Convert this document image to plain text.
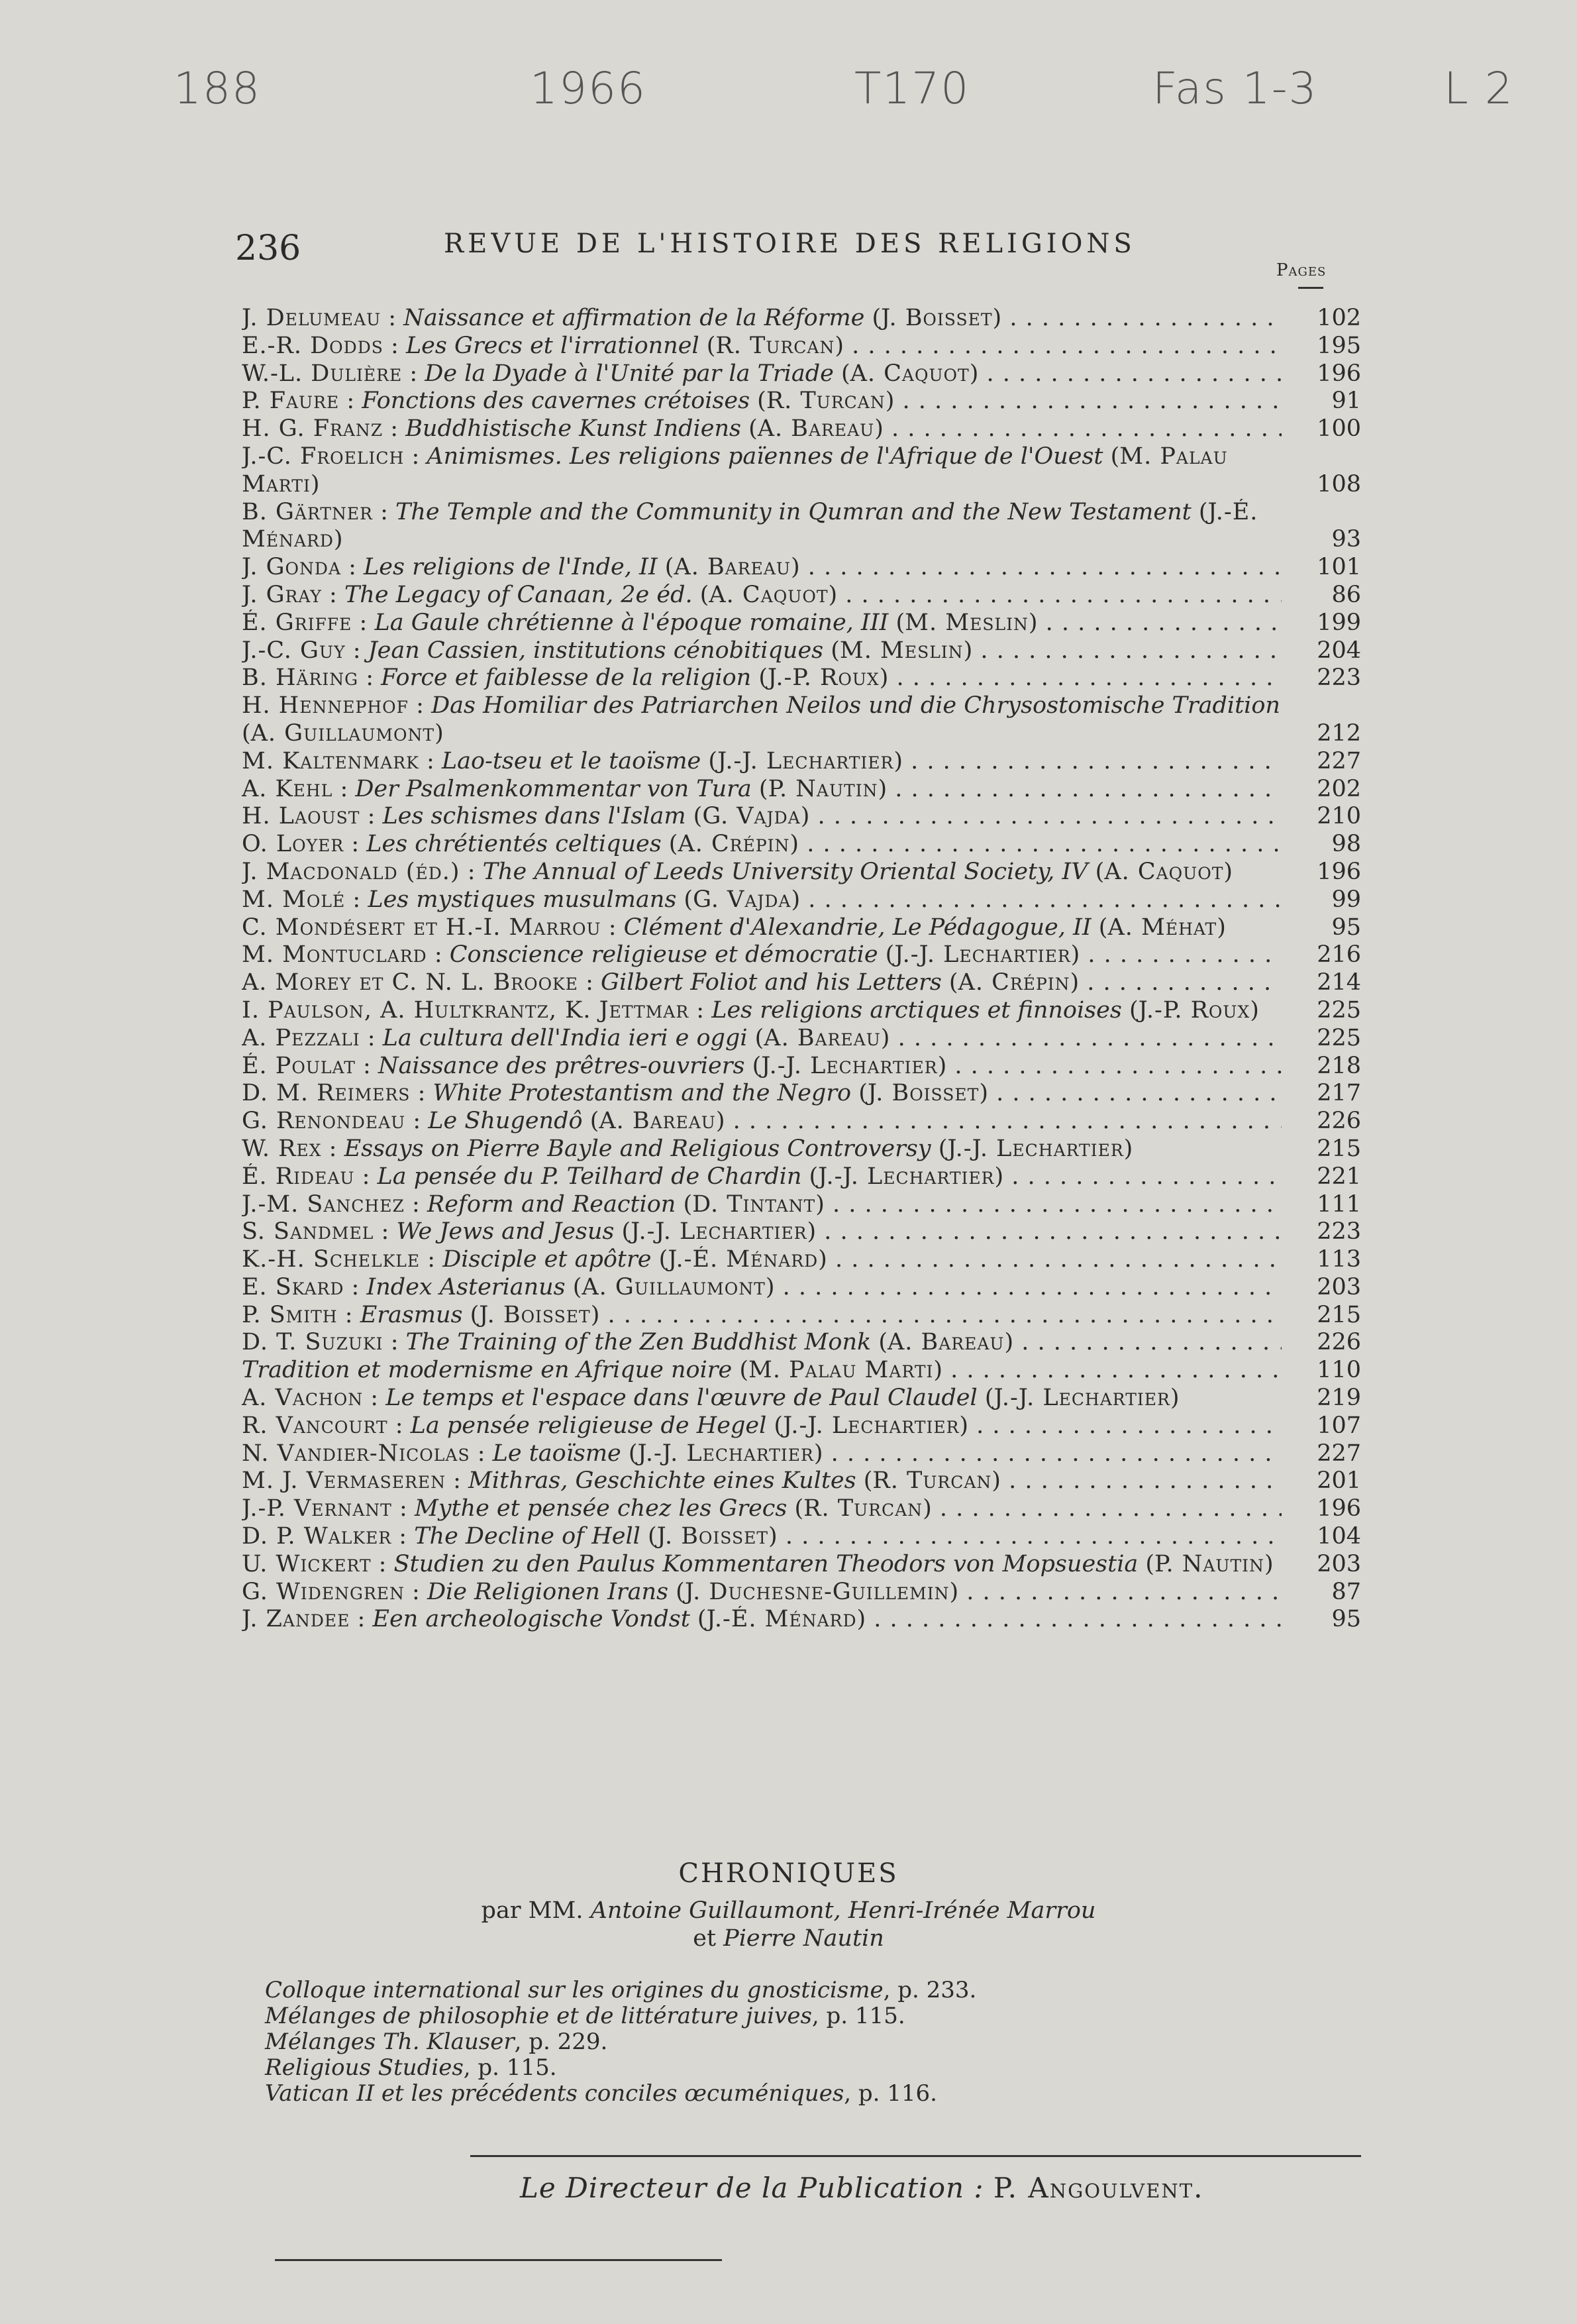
188	1966	T170	Fas 1-3	L 2
236	REVUE DE L'HISTOIRE DES RELIGIONS
Pages
J. Delumeau : Naissance et affirmation de la Réforme (J. Boisset) . . .	102
E.-R. Dodds : Les Grecs et l'irrationnel (R. Turcan) . . .	195
W.-L. Dulière : De la Dyade à l'Unité par la Triade (A. Caquot) . . .	196
P. Faure : Fonctions des cavernes crétoises (R. Turcan) . . .	91
H. G. Franz : Buddhistische Kunst Indiens (A. Bareau) . . .	100
J.-C. Froelich : Animismes. Les religions païennes de l'Afrique de l'Ouest (M. Palau Marti)	108
B. Gärtner : The Temple and the Community in Qumran and the New Testament (J.-É. Ménard)	93
J. Gonda : Les religions de l'Inde, II (A. Bareau) . . .	101
J. Gray : The Legacy of Canaan, 2e éd. (A. Caquot) . . .	86
É. Griffe : La Gaule chrétienne à l'époque romaine, III (M. Meslin) . . .	199
J.-C. Guy : Jean Cassien, institutions cénobitiques (M. Meslin) . . .	204
B. Häring : Force et faiblesse de la religion (J.-P. Roux) . . .	223
H. Hennephof : Das Homiliar des Patriarchen Neilos und die Chrysostomische Tradition (A. Guillaumont)	212
M. Kaltenmark : Lao-tseu et le taoïsme (J.-J. Lechartier) . . .	227
A. Kehl : Der Psalmenkommentar von Tura (P. Nautin) . . .	202
H. Laoust : Les schismes dans l'Islam (G. Vajda) . . .	210
O. Loyer : Les chrétientés celtiques (A. Crépin) . . .	98
J. Macdonald (éd.) : The Annual of Leeds University Oriental Society, IV (A. Caquot)	196
M. Molé : Les mystiques musulmans (G. Vajda) . . .	99
C. Mondésert et H.-I. Marrou : Clément d'Alexandrie, Le Pédagogue, II (A. Méhat)	95
M. Montuclard : Conscience religieuse et démocratie (J.-J. Lechartier) . . .	216
A. Morey et C. N. L. Brooke : Gilbert Foliot and his Letters (A. Crépin) . . .	214
I. Paulson, A. Hultkrantz, K. Jettmar : Les religions arctiques et finnoises (J.-P. Roux)	225
A. Pezzali : La cultura dell'India ieri e oggi (A. Bareau) . . .	225
É. Poulat : Naissance des prêtres-ouvriers (J.-J. Lechartier) . . .	218
D. M. Reimers : White Protestantism and the Negro (J. Boisset) . . .	217
G. Renondeau : Le Shugendô (A. Bareau) . . .	226
W. Rex : Essays on Pierre Bayle and Religious Controversy (J.-J. Lechartier)	215
É. Rideau : La pensée du P. Teilhard de Chardin (J.-J. Lechartier) . . .	221
J.-M. Sanchez : Reform and Reaction (D. Tintant) . . .	111
S. Sandmel : We Jews and Jesus (J.-J. Lechartier) . . .	223
K.-H. Schelkle : Disciple et apôtre (J.-É. Ménard) . . .	113
E. Skard : Index Asterianus (A. Guillaumont) . . .	203
P. Smith : Erasmus (J. Boisset) . . .	215
D. T. Suzuki : The Training of the Zen Buddhist Monk (A. Bareau) . . .	226
Tradition et modernisme en Afrique noire (M. Palau Marti) . . .	110
A. Vachon : Le temps et l'espace dans l'œuvre de Paul Claudel (J.-J. Lechartier)	219
R. Vancourt : La pensée religieuse de Hegel (J.-J. Lechartier) . . .	107
N. Vandier-Nicolas : Le taoïsme (J.-J. Lechartier) . . .	227
M. J. Vermaseren : Mithras, Geschichte eines Kultes (R. Turcan) . . .	201
J.-P. Vernant : Mythe et pensée chez les Grecs (R. Turcan) . . .	196
D. P. Walker : The Decline of Hell (J. Boisset) . . .	104
U. Wickert : Studien zu den Paulus Kommentaren Theodors von Mopsuestia (P. Nautin)	203
G. Widengren : Die Religionen Irans (J. Duchesne-Guillemin) . . .	87
J. Zandee : Een archeologische Vondst (J.-É. Ménard) . . .	95
CHRONIQUES
par MM. Antoine Guillaumont, Henri-Irénée Marrou
et Pierre Nautin
Colloque international sur les origines du gnosticisme, p. 233.
Mélanges de philosophie et de littérature juives, p. 115.
Mélanges Th. Klauser, p. 229.
Religious Studies, p. 115.
Vatican II et les précédents conciles œcuméniques, p. 116.
Le Directeur de la Publication : P. Angoulvent.
